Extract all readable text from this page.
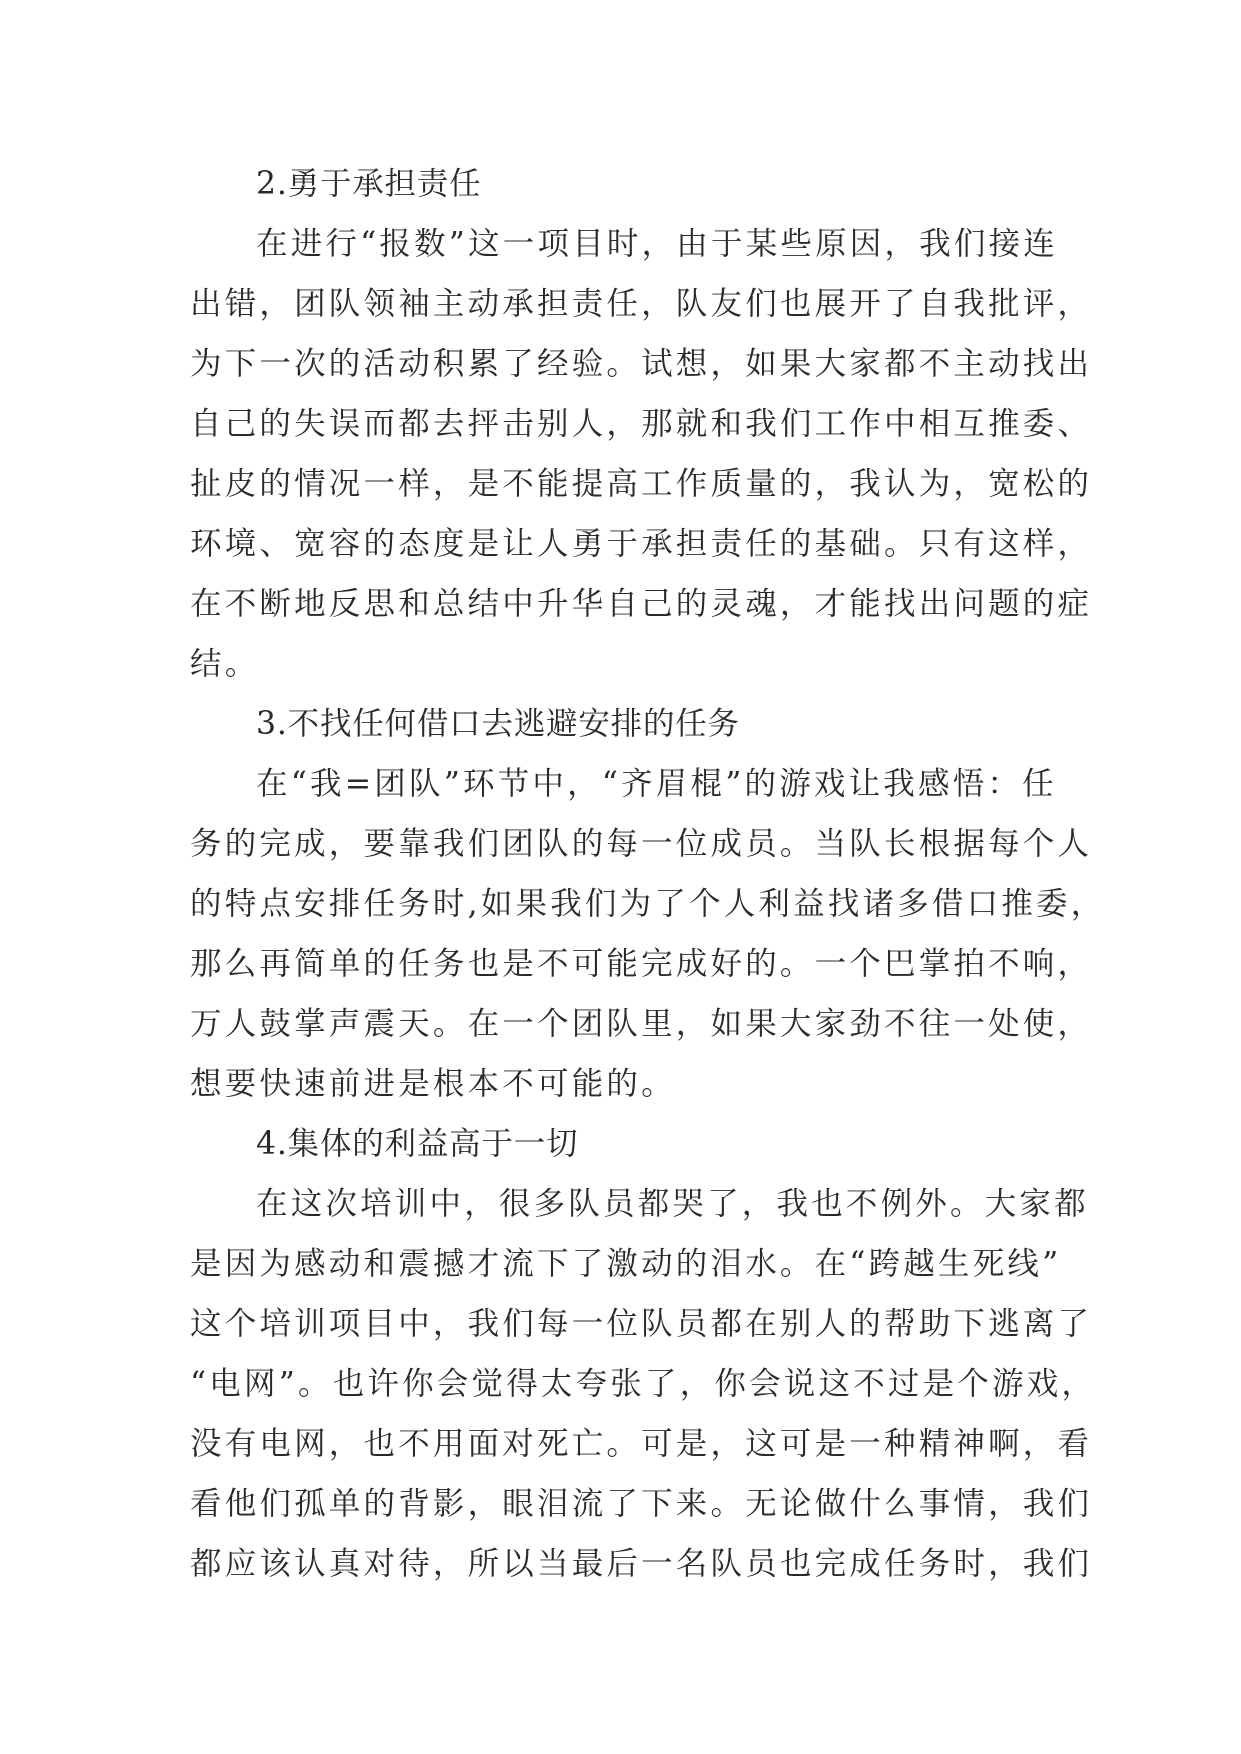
2.勇于承担责任

在进行“报数”这一项目时，由于某些原因，我们接连

出错，团队领袖主动承担责任，队友们也展开了自我批评，

为下一次的活动积累了经验。试想，如果大家都不主动找出

自己的失误而都去抨击别人，那就和我们工作中相互推委、

扯皮的情况一样，是不能提高工作质量的，我认为，宽松的

环境、宽容的态度是让人勇于承担责任的基础。只有这样，

在不断地反思和总结中升华自己的灵魂，才能找出问题的症

结。

3.不找任何借口去逃避安排的任务

在“我=团队”环节中，“齐眉棍”的游戏让我感悟：任

务的完成，要靠我们团队的每一位成员。当队长根据每个人

的特点安排任务时,如果我们为了个人利益找诸多借口推委，

那么再简单的任务也是不可能完成好的。一个巴掌拍不响，

万人鼓掌声震天。在一个团队里，如果大家劲不往一处使，

想要快速前进是根本不可能的。

4.集体的利益高于一切

在这次培训中，很多队员都哭了，我也不例外。大家都

是因为感动和震撼才流下了激动的泪水。在“跨越生死线”

这个培训项目中，我们每一位队员都在别人的帮助下逃离了

“电网”。也许你会觉得太夸张了，你会说这不过是个游戏，

没有电网，也不用面对死亡。可是，这可是一种精神啊，看

看他们孤单的背影，眼泪流了下来。无论做什么事情，我们

都应该认真对待，所以当最后一名队员也完成任务时，我们
